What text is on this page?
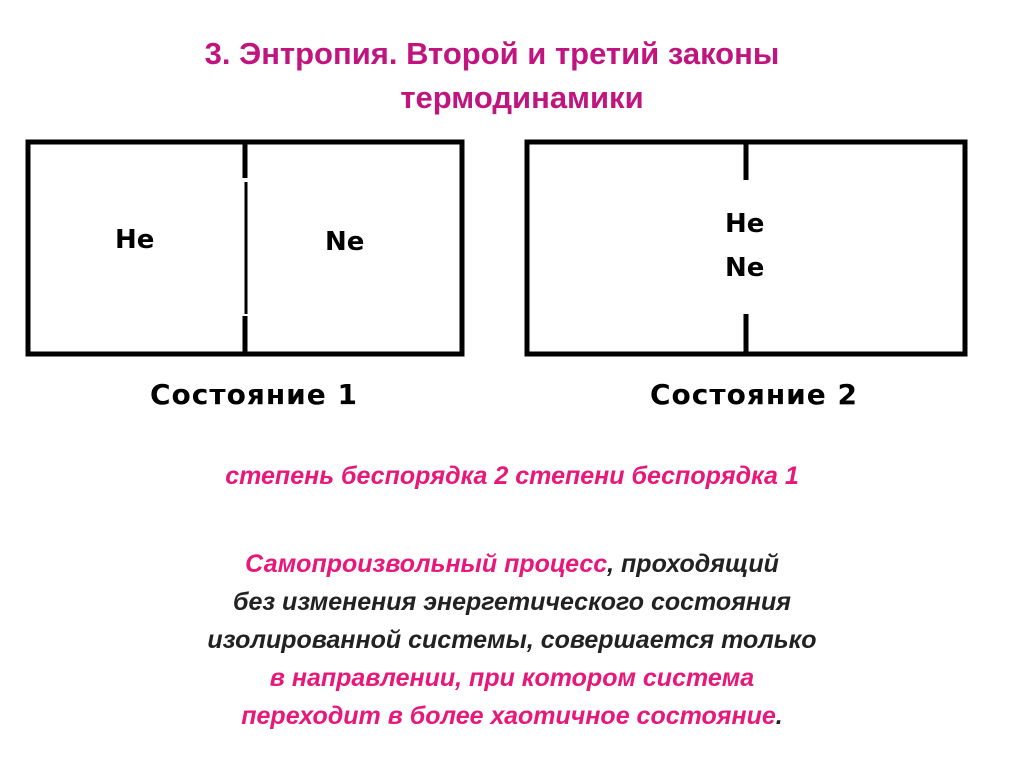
3. Энтропия. Второй и третий законы
термодинамики
He	Ne
He
Ne
Состояние 1	Состояние 2
степень беспорядка 2 степени беспорядка 1
Самопроизвольный процесс, проходящий
без изменения энергетического состояния
изолированной системы, совершается только
в направлении, при котором система
переходит в более хаотичное состояние.
